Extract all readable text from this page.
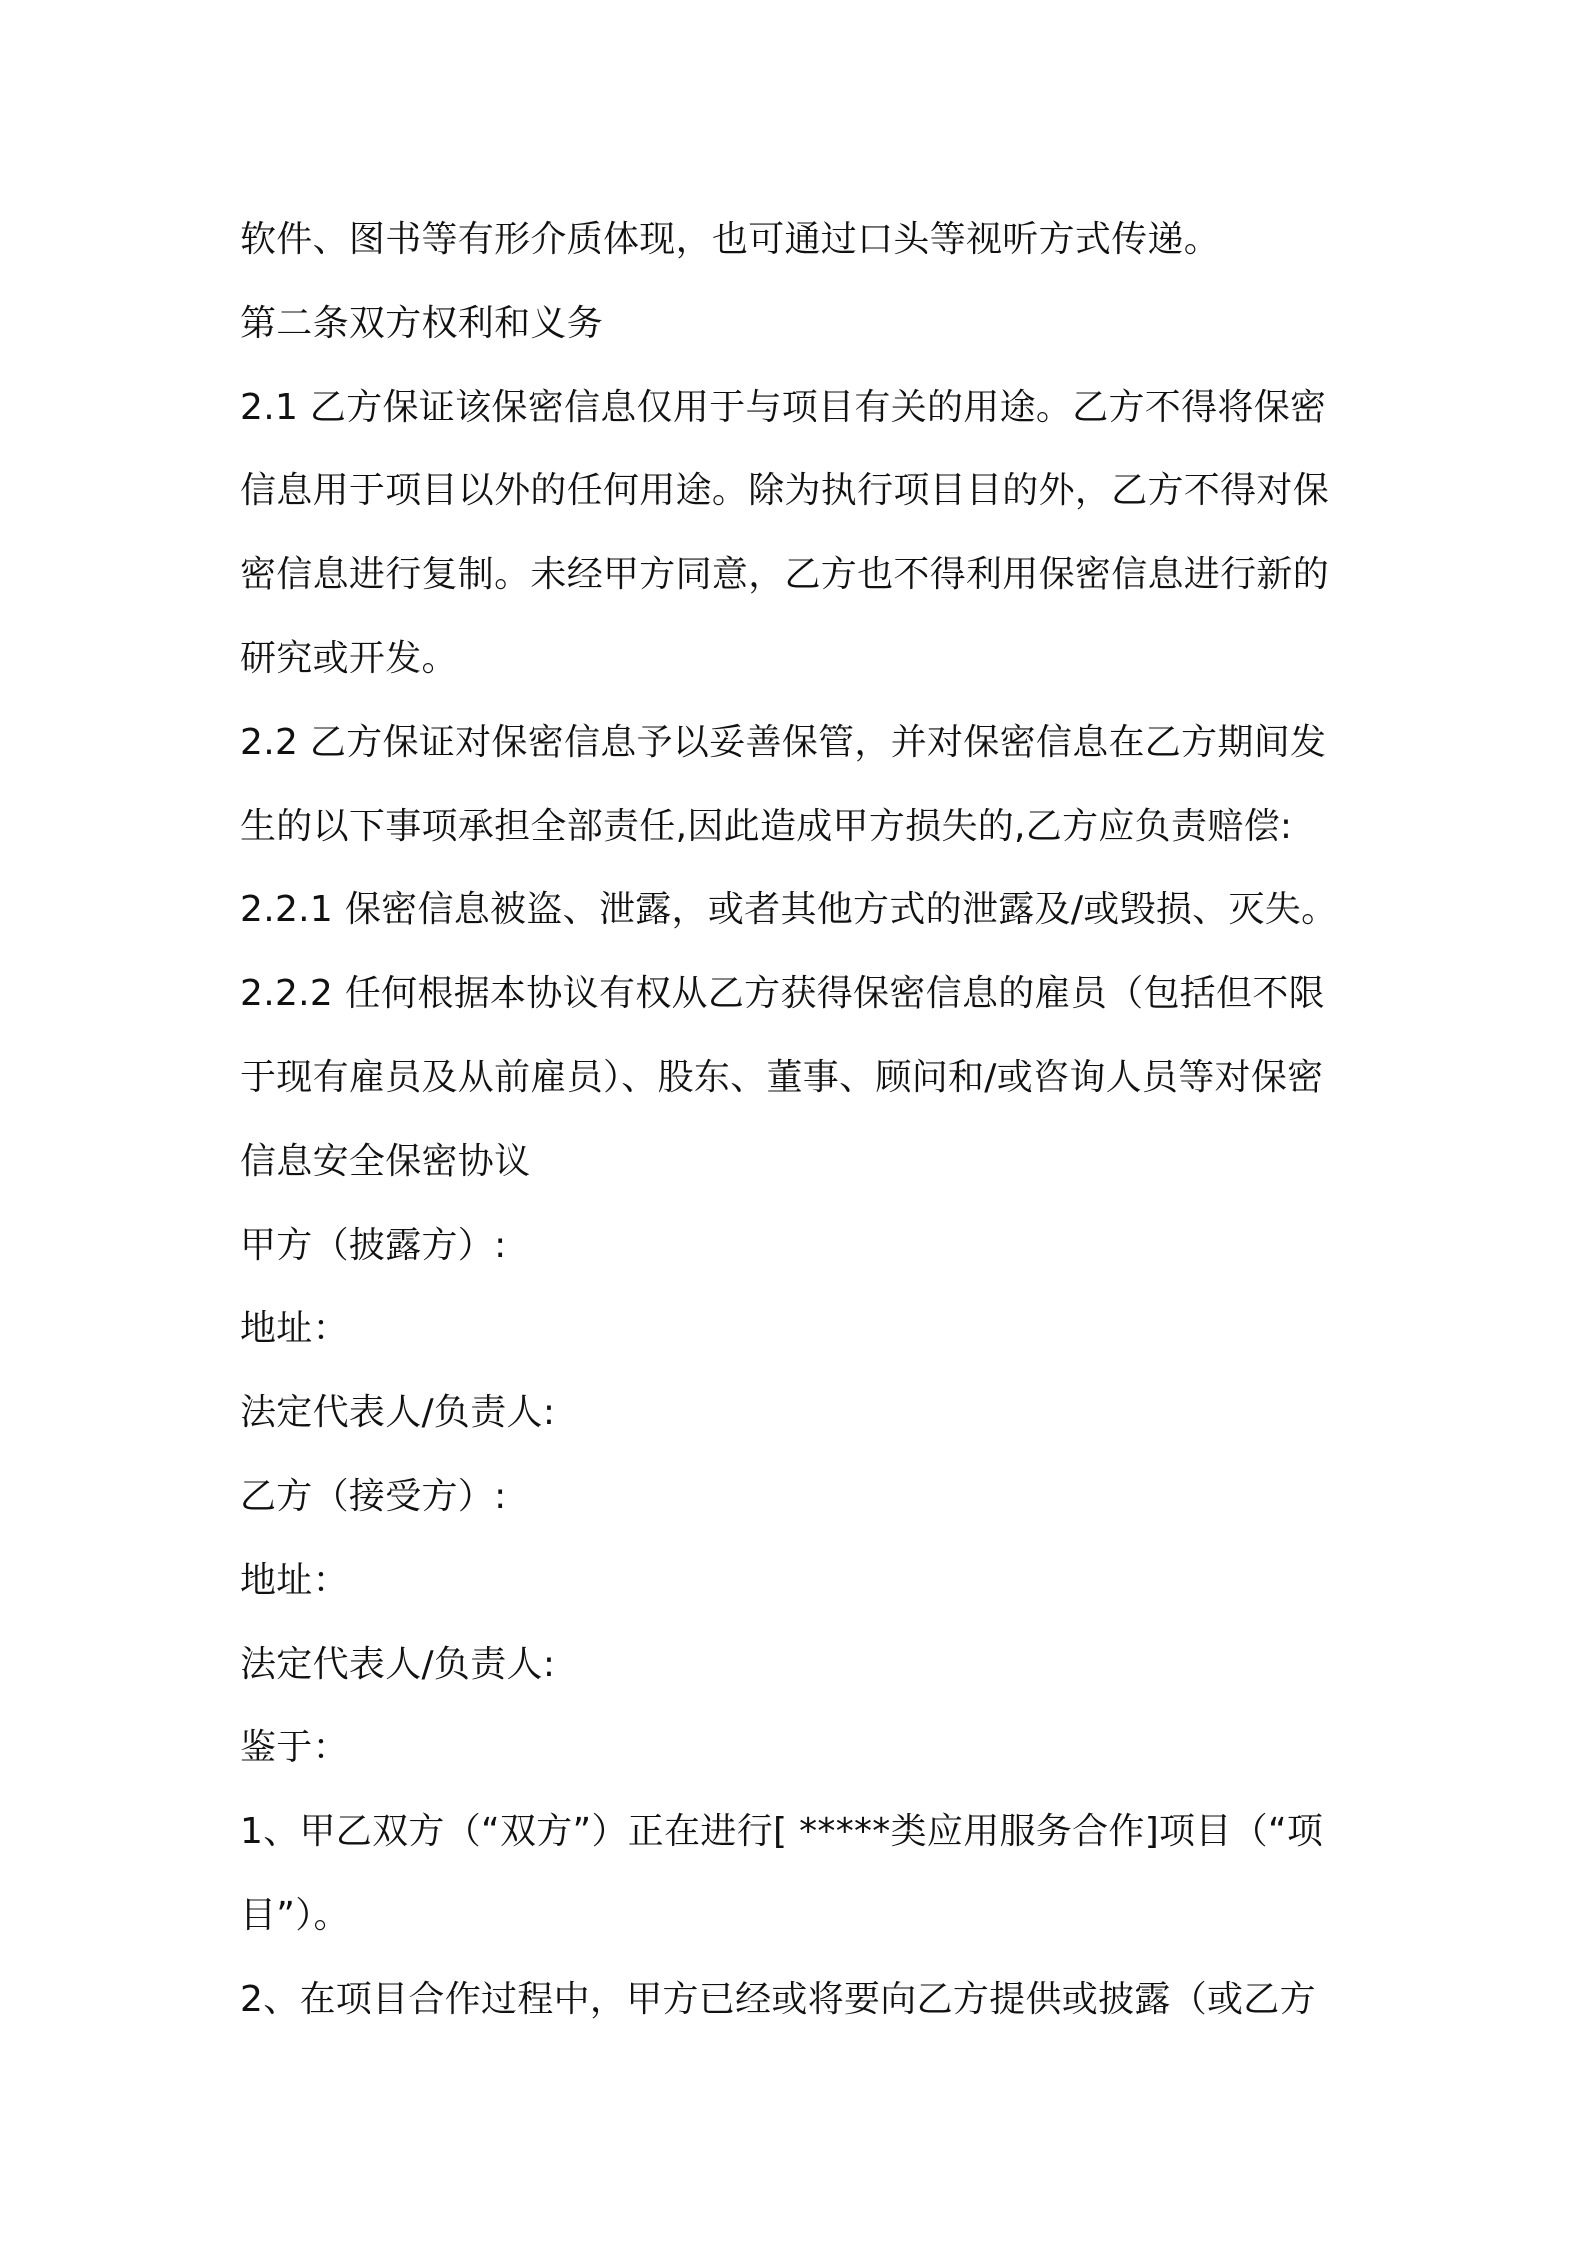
软件、图书等有形介质体现，也可通过口头等视听方式传递。
第二条双方权利和义务
2.1 乙方保证该保密信息仅用于与项目有关的用途。乙方不得将保密
信息用于项目以外的任何用途。除为执行项目目的外，乙方不得对保
密信息进行复制。未经甲方同意，乙方也不得利用保密信息进行新的
研究或开发。
2.2 乙方保证对保密信息予以妥善保管，并对保密信息在乙方期间发
生的以下事项承担全部责任,因此造成甲方损失的,乙方应负责赔偿:
2.2.1 保密信息被盗、泄露，或者其他方式的泄露及/或毁损、灭失。
2.2.2 任何根据本协议有权从乙方获得保密信息的雇员（包括但不限
于现有雇员及从前雇员）、股东、董事、顾问和/或咨询人员等对保密
信息安全保密协议
甲方（披露方）:
地址：
法定代表人/负责人:
乙方（接受方）:
地址：
法定代表人/负责人:
鉴于：
1、甲乙双方（“双方”）正在进行[ *****类应用服务合作]项目（“项
目”）。
2、在项目合作过程中，甲方已经或将要向乙方提供或披露（或乙方
